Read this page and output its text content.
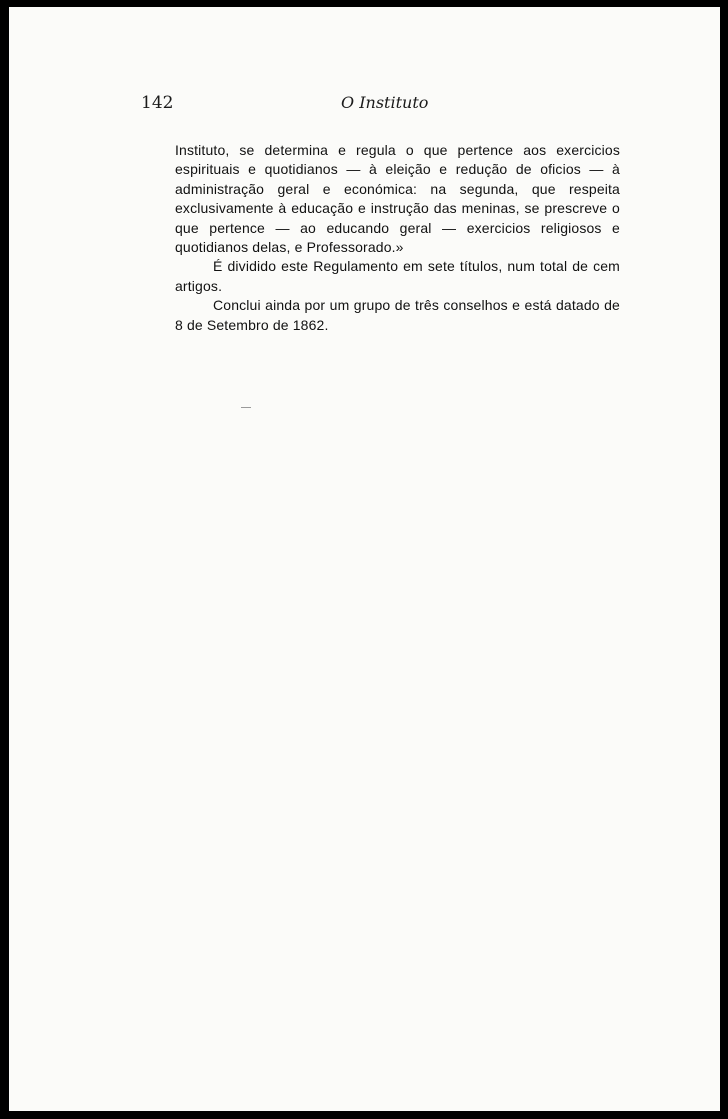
142	O Instituto

Instituto, se determina e regula o que pertence aos exercicios espirituais e quotidianos — à eleição e redução de oficios — à administração geral e económica: na segunda, que respeita exclusivamente à educação e instrução das meninas, se prescreve o que pertence — ao educando geral — exercicios religiosos e quotidianos delas, e Professorado.»

É dividido este Regulamento em sete títulos, num total de cem artigos.

Conclui ainda por um grupo de três conselhos e está datado de 8 de Setembro de 1862.
